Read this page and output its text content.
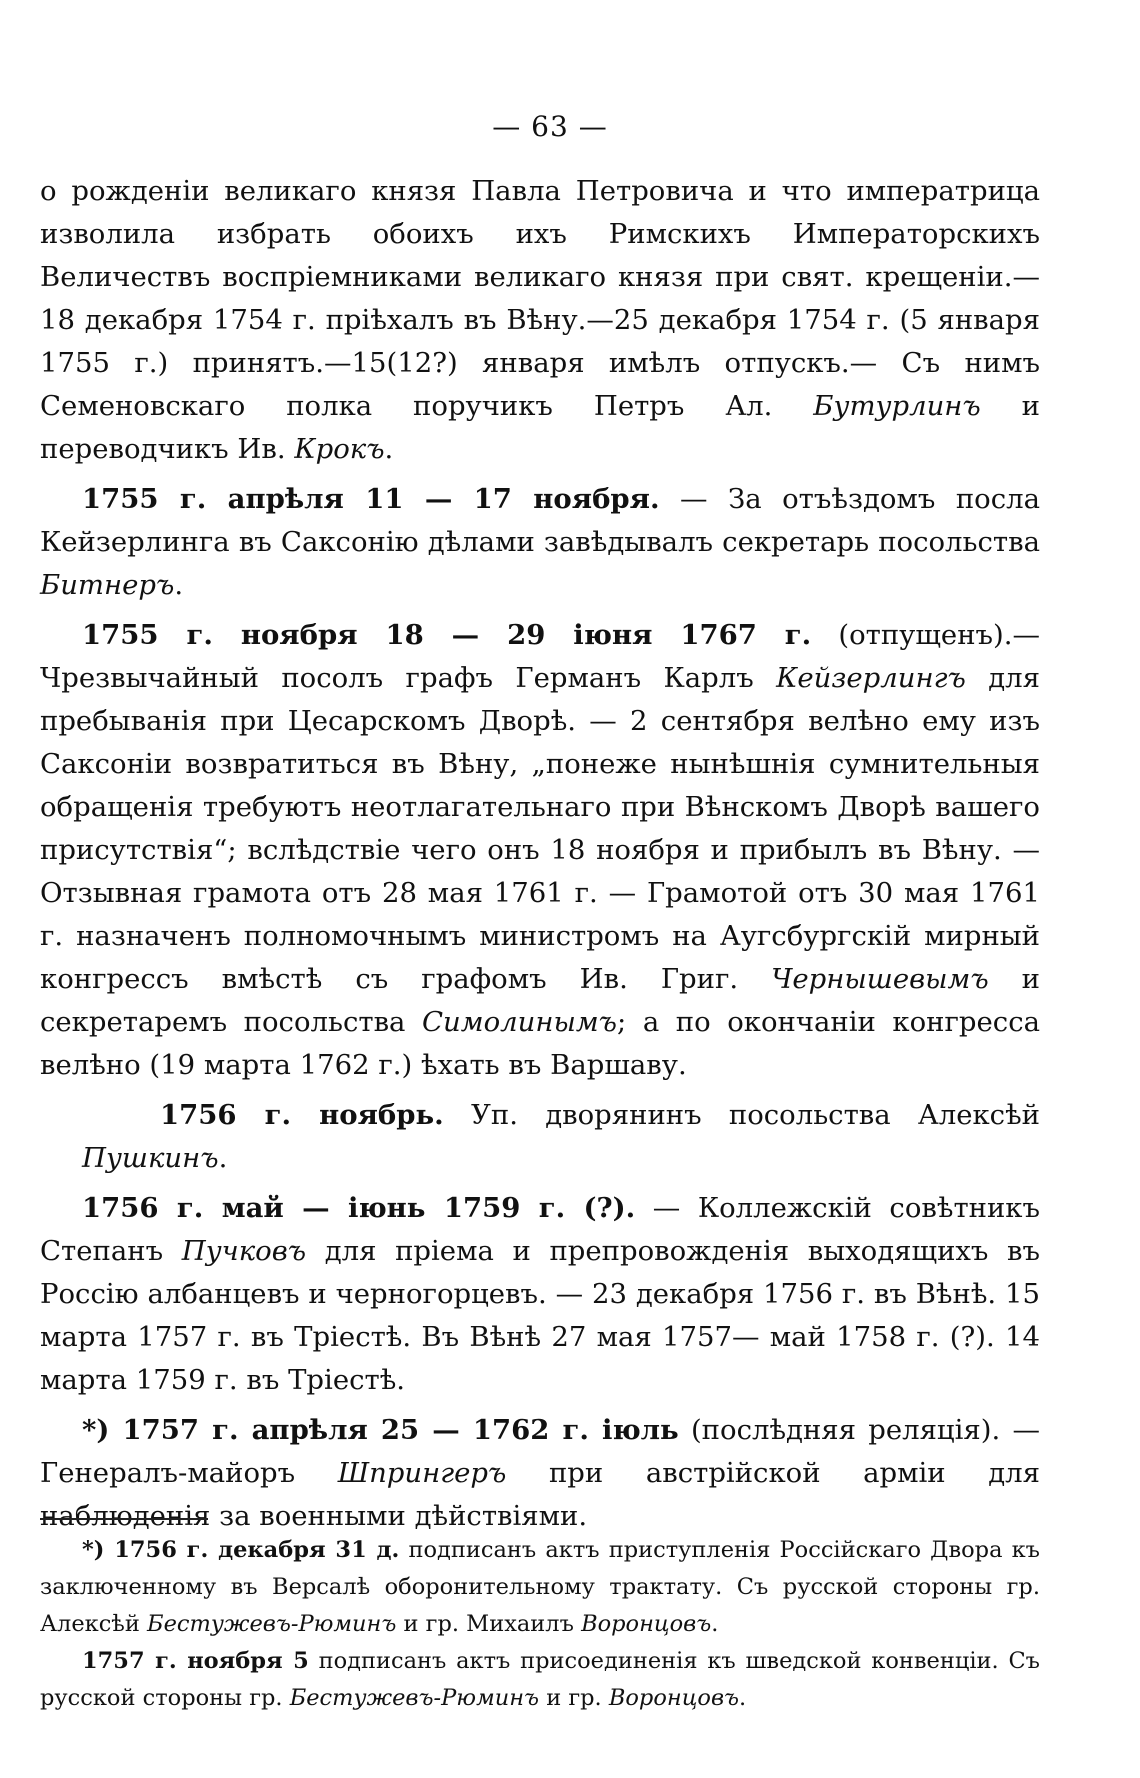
— 63 —

о рожденіи великаго князя Павла Петровича и что императрица изволила избрать обоихъ ихъ Римскихъ Императорскихъ Величествъ воспріемниками великаго князя при свят. крещеніи.—18 декабря 1754 г. пріѣхалъ въ Вѣну.—25 декабря 1754 г. (5 января 1755 г.) принятъ.—15(12?) января имѣлъ отпускъ.— Съ нимъ Семеновскаго полка поручикъ Петръ Ал. Бутурлинъ и переводчикъ Ив. Крокъ.

1755 г. апрѣля 11 — 17 ноября. — За отъѣздомъ посла Кейзерлинга въ Саксонію дѣлами завѣдывалъ секретарь посольства Битнеръ.

1755 г. ноября 18 — 29 іюня 1767 г. (отпущенъ).—Чрезвычайный посолъ графъ Германъ Карлъ Кейзерлингъ для пребыванія при Цесарскомъ Дворѣ. — 2 сентября велѣно ему изъ Саксоніи возвратиться въ Вѣну, „понеже нынѣшнія сумнительныя обращенія требуютъ неотлагательнаго при Вѣнскомъ Дворѣ вашего присутствія“; вслѣдствіе чего онъ 18 ноября и прибылъ въ Вѣну. — Отзывная грамота отъ 28 мая 1761 г. — Грамотой отъ 30 мая 1761 г. назначенъ полномочнымъ министромъ на Аугсбургскій мирный конгрессъ вмѣстѣ съ графомъ Ив. Григ. Чернышевымъ и секретаремъ посольства Симолинымъ; а по окончаніи конгресса велѣно (19 марта 1762 г.) ѣхать въ Варшаву.

1756 г. ноябрь. Уп. дворянинъ посольства Алексѣй Пушкинъ.

1756 г. май — іюнь 1759 г. (?). — Коллежскій совѣтникъ Степанъ Пучковъ для пріема и препровожденія выходящихъ въ Россію албанцевъ и черногорцевъ. — 23 декабря 1756 г. въ Вѣнѣ. 15 марта 1757 г. въ Тріестѣ. Въ Вѣнѣ 27 мая 1757— май 1758 г. (?). 14 марта 1759 г. въ Тріестѣ.

*) 1757 г. апрѣля 25 — 1762 г. іюль (послѣдняя реляція). — Генералъ-майоръ Шпрингеръ при австрійской арміи для наблюденія за военными дѣйствіями.

*) 1756 г. декабря 31 д. подписанъ актъ приступленія Россійскаго Двора къ заключенному въ Версалѣ оборонительному трактату. Съ русской стороны гр. Алексѣй Бестужевъ-Рюминъ и гр. Михаилъ Воронцовъ.

1757 г. ноября 5 подписанъ актъ присоединенія къ шведской конвенціи. Съ русской стороны гр. Бестужевъ-Рюминъ и гр. Воронцовъ.
